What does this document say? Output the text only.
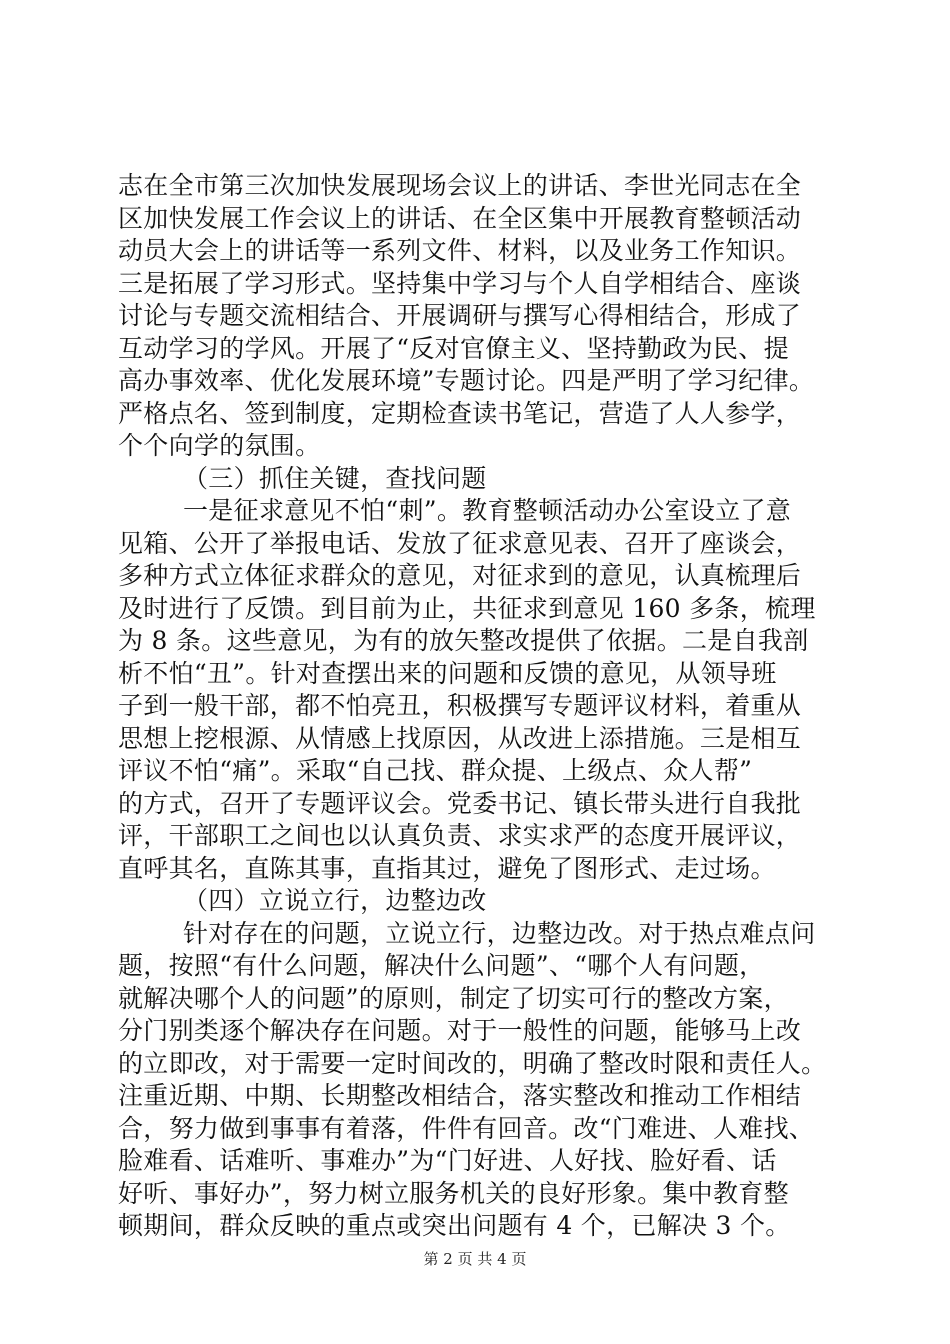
志在全市第三次加快发展现场会议上的讲话、李世光同志在全
区加快发展工作会议上的讲话、在全区集中开展教育整顿活动
动员大会上的讲话等一系列文件、材料，以及业务工作知识。
三是拓展了学习形式。坚持集中学习与个人自学相结合、座谈
讨论与专题交流相结合、开展调研与撰写心得相结合，形成了
互动学习的学风。开展了“反对官僚主义、坚持勤政为民、提
高办事效率、优化发展环境”专题讨论。四是严明了学习纪律。
严格点名、签到制度，定期检查读书笔记，营造了人人参学，
个个向学的氛围。
（三）抓住关键，查找问题
一是征求意见不怕“刺”。教育整顿活动办公室设立了意
见箱、公开了举报电话、发放了征求意见表、召开了座谈会，
多种方式立体征求群众的意见，对征求到的意见，认真梳理后
及时进行了反馈。到目前为止，共征求到意见 160 多条，梳理
为 8 条。这些意见，为有的放矢整改提供了依据。二是自我剖
析不怕“丑”。针对查摆出来的问题和反馈的意见，从领导班
子到一般干部，都不怕亮丑，积极撰写专题评议材料，着重从
思想上挖根源、从情感上找原因，从改进上添措施。三是相互
评议不怕“痛”。采取“自己找、群众提、上级点、众人帮”
的方式，召开了专题评议会。党委书记、镇长带头进行自我批
评，干部职工之间也以认真负责、求实求严的态度开展评议，
直呼其名，直陈其事，直指其过，避免了图形式、走过场。
（四）立说立行，边整边改
针对存在的问题，立说立行，边整边改。对于热点难点问
题，按照“有什么问题，解决什么问题”、“哪个人有问题，
就解决哪个人的问题”的原则，制定了切实可行的整改方案，
分门别类逐个解决存在问题。对于一般性的问题，能够马上改
的立即改，对于需要一定时间改的，明确了整改时限和责任人。
注重近期、中期、长期整改相结合，落实整改和推动工作相结
合，努力做到事事有着落，件件有回音。改“门难进、人难找、
脸难看、话难听、事难办”为“门好进、人好找、脸好看、话
好听、事好办”，努力树立服务机关的良好形象。集中教育整
顿期间，群众反映的重点或突出问题有 4 个，已解决 3 个。
第 2 页 共 4 页
